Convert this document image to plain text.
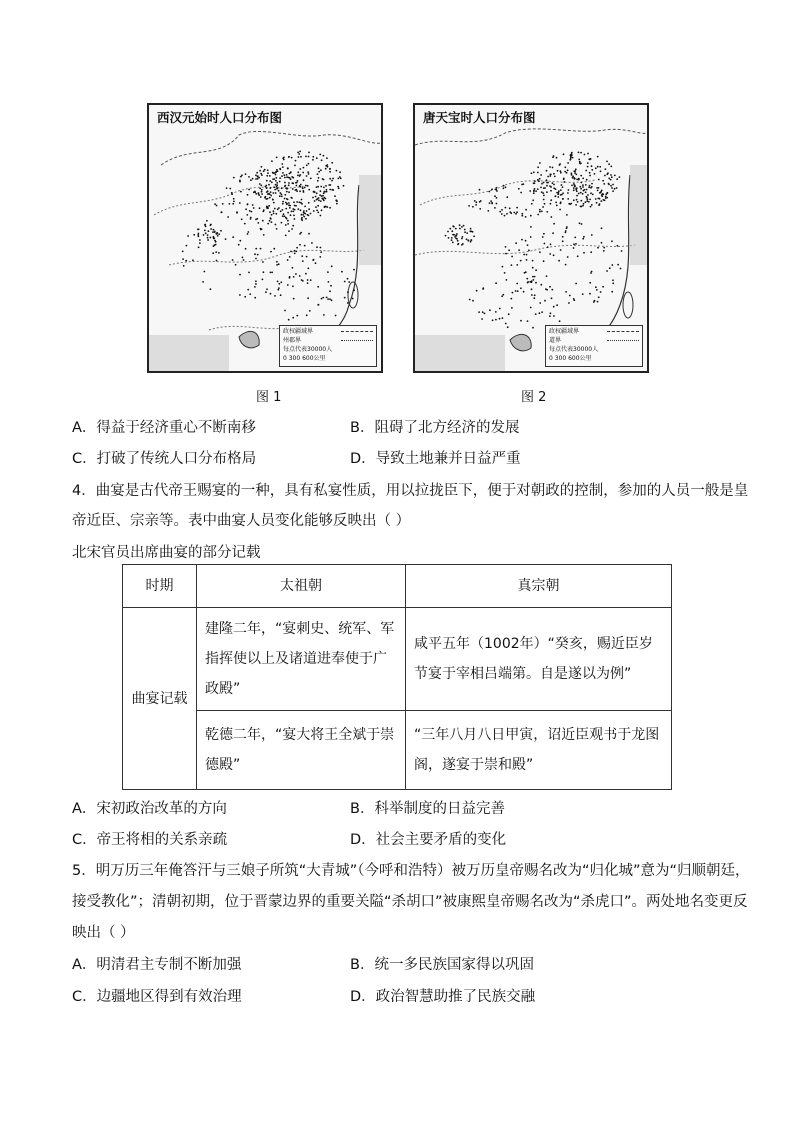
西汉元始时人口分布图
政权疆域界
州郡界
每点代表30000人
0 300 600公里
唐天宝时人口分布图
政权疆域界
道界
每点代表30000人
0 300 600公里
图 1	图 2
A．得益于经济重心不断南移	B．阻碍了北方经济的发展
C．打破了传统人口分布格局	D．导致土地兼并日益严重
4．曲宴是古代帝王赐宴的一种，具有私宴性质，用以拉拢臣下，便于对朝政的控制，参加的人员一般是皇
帝近臣、宗亲等。表中曲宴人员变化能够反映出（ ）
北宋官员出席曲宴的部分记载
时期	太祖朝	真宗朝
曲宴记载	建隆二年，“宴刺史、统军、军指挥使以上及诸道进奉使于广政殿”	咸平五年（1002年）“癸亥，赐近臣岁节宴于宰相吕端第。自是遂以为例”
	乾德二年，“宴大将王全斌于崇德殿”	“三年八月八日甲寅，诏近臣观书于龙图阁，遂宴于崇和殿”
A．宋初政治改革的方向	B．科举制度的日益完善
C．帝王将相的关系亲疏	D．社会主要矛盾的变化
5．明万历三年俺答汗与三娘子所筑“大青城”（今呼和浩特）被万历皇帝赐名改为“归化城”意为“归顺朝廷，
接受教化”；清朝初期，位于晋蒙边界的重要关隘“杀胡口”被康熙皇帝赐名改为“杀虎口”。两处地名变更反
映出（ ）
A．明清君主专制不断加强	B．统一多民族国家得以巩固
C．边疆地区得到有效治理	D．政治智慧助推了民族交融
